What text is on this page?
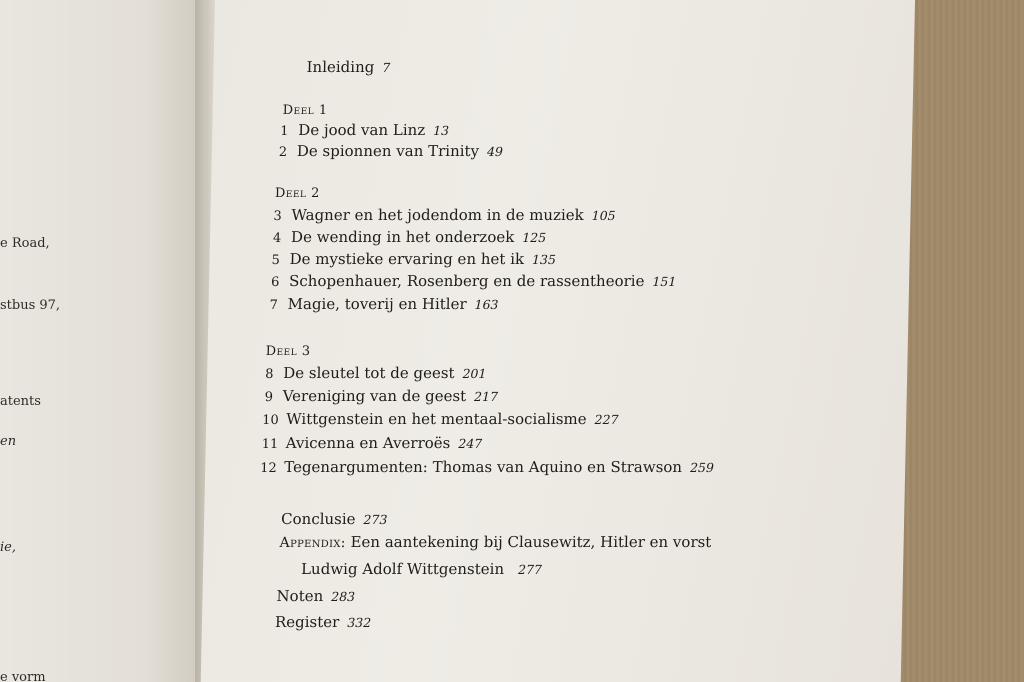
e Road,
stbus 97,
atents
en
ie,
e vorm
Inleiding 7
Deel 1
1 De jood van Linz 13
2 De spionnen van Trinity 49
Deel 2
3 Wagner en het jodendom in de muziek 105
4 De wending in het onderzoek 125
5 De mystieke ervaring en het ik 135
6 Schopenhauer, Rosenberg en de rassentheorie 151
7 Magie, toverij en Hitler 163
Deel 3
8 De sleutel tot de geest 201
9 Vereniging van de geest 217
10 Wittgenstein en het mentaal-socialisme 227
11 Avicenna en Averroës 247
12 Tegenargumenten: Thomas van Aquino en Strawson 259
Conclusie 273
Appendix: Een aantekening bij Clausewitz, Hitler en vorst
Ludwig Adolf Wittgenstein 277
Noten 283
Register 332
